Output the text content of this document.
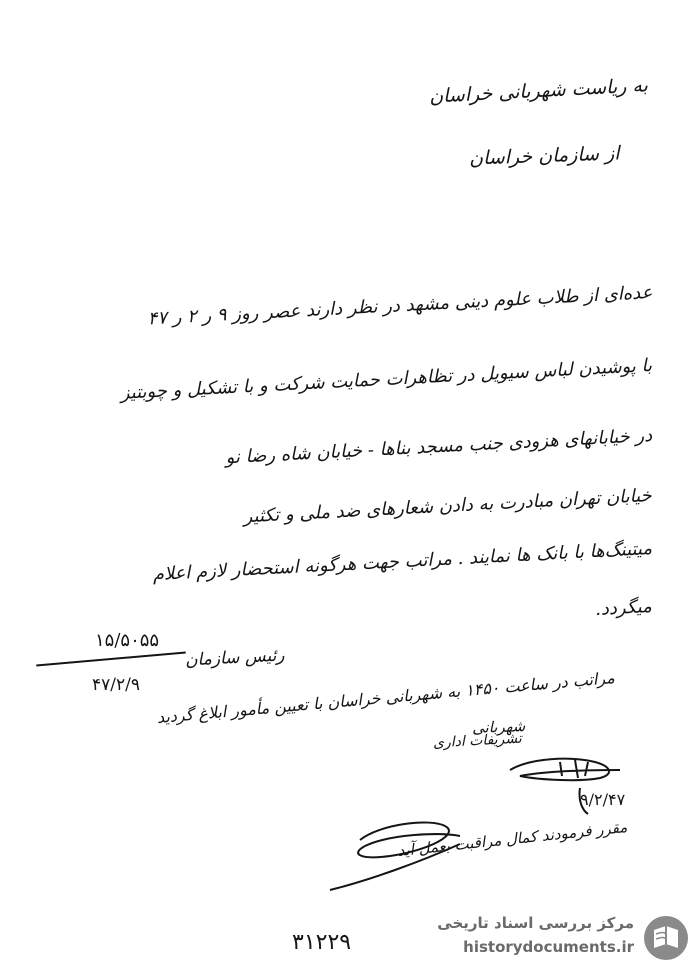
به ریاست شهربانی خراسان
از سازمان خراسان
عده‌ای از طلاب علوم دینی مشهد در نظر دارند عصر روز ۹ ر ۲ ر ۴۷
با پوشیدن لباس سیویل در تظاهرات حمایت شرکت و با تشکیل و چوبتیز
در خیابانهای هزودی جنب مسجد بناها - خیابان شاه رضا نو
خیابان تهران مبادرت به دادن شعارهای ضد ملی و تکثیر
میتینگ‌ها با بانک ها نمایند . مراتب جهت هرگونه استحضار لازم اعلام
میگردد.
۱۵/۵۰۵۵
۴۷/۲/۹
رئیس سازمان
مراتب در ساعت ۱۴۵۰ به شهربانی خراسان با تعیین مأمور ابلاغ گردید
شهربانی
تشریفات اداری
۹/۲/۴۷
مقرر فرمودند کمال مراقبت بعمل آید
۳۱۲۲۹
مرکز بررسی اسناد تاریخی
historydocuments.ir
